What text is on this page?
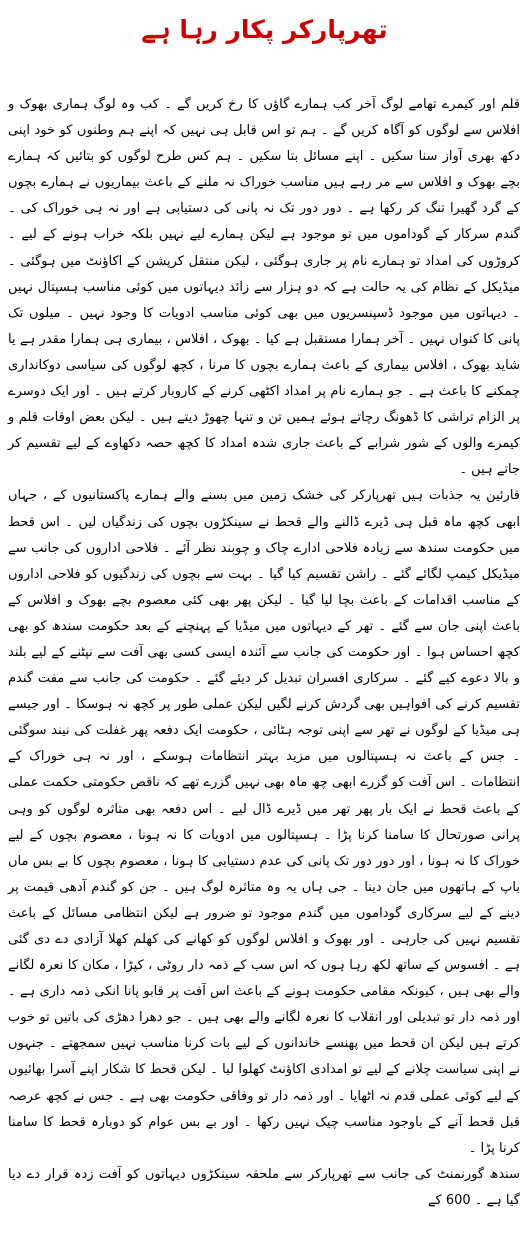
تھرپارکر پکار رہا ہے

قلم اور کیمرے تھامے لوگ آخر کب ہمارے گاؤں کا رخ کریں گے ۔ کب وہ لوگ ہماری بھوک و افلاس سے لوگوں کو آگاہ کریں گے ۔ ہم تو اس قابل ہی نہیں کہ اپنے ہم وطنوں کو خود اپنی دکھ بھری آواز سنا سکیں ۔ اپنے مسائل بتا سکیں ۔ ہم کس طرح لوگوں کو بتائیں کہ ہمارے بچے بھوک و افلاس سے مر رہے ہیں مناسب خوراک نہ ملنے کے باعث بیماریوں نے ہمارے بچوں کے گرد گھیرا تنگ کر رکھا ہے ۔ دور دور تک نہ پانی کی دستیابی ہے اور نہ ہی خوراک کی ۔ گندم سرکار کے گوداموں میں تو موجود ہے لیکن ہمارے لیے نہیں بلکہ خراب ہونے کے لیے ۔ کروڑوں کی امداد تو ہمارے نام پر جاری ہوگئی ، لیکن منتقل کرپشن کے اکاؤنٹ میں ہوگئی ۔ میڈیکل کے نظام کی یہ حالت ہے کہ دو ہزار سے زائد دیہاتوں میں کوئی مناسب ہسپتال نہیں ۔ دیہاتوں میں موجود ڈسپنسریوں میں بھی کوئی مناسب ادویات کا وجود نہیں ۔ میلوں تک پانی کا کنواں نہیں ۔ آخر ہمارا مستقبل ہے کیا ۔ بھوک ، افلاس ، بیماری ہی ہمارا مقدر ہے یا شاید بھوک ، افلاس بیماری کے باعث ہمارے بچوں کا مرنا ، کچھ لوگوں کی سیاسی دوکانداری چمکنے کا باعث ہے ۔ جو ہمارے نام پر امداد اکٹھی کرنے کے کاروبار کرتے ہیں ۔ اور ایک دوسرے پر الزام تراشی کا ڈھونگ رچاتے ہوئے ہمیں تن و تنہا چھوڑ دیتے ہیں ۔ لیکن بعض اوقات قلم و کیمرے والوں کے شور شرابے کے باعث جاری شدہ امداد کا کچھ حصہ دکھاوے کے لیے تقسیم کر جاتے ہیں ۔

قارئین یہ جذبات ہیں تھرپارکر کی خشک زمین میں بسنے والے ہمارے پاکستانیوں کے ، جہاں ابھی کچھ ماہ قبل ہی ڈیرے ڈالنے والے قحط نے سینکڑوں بچوں کی زندگیاں لیں ۔ اس قحط میں حکومت سندھ سے زیادہ فلاحی ادارے چاک و چوبند نظر آئے ۔ فلاحی اداروں کی جانب سے میڈیکل کیمپ لگائے گئے ۔ راشن تقسیم کیا گیا ۔ بہت سے بچوں کی زندگیوں کو فلاحی اداروں کے مناسب اقدامات کے باعث بچا لیا گیا ۔ لیکن پھر بھی کئی معصوم بچے بھوک و افلاس کے باعث اپنی جان سے گئے ۔ تھر کے دیہاتوں میں میڈیا کے پہنچنے کے بعد حکومت سندھ کو بھی کچھ احساس ہوا ۔ اور حکومت کی جانب سے آئندہ ایسی کسی بھی آفت سے نپٹنے کے لیے بلند و بالا دعوے کیے گئے ۔ سرکاری افسران تبدیل کر دیئے گئے ۔ حکومت کی جانب سے مفت گندم تقسیم کرنے کی افواہیں بھی گردش کرنے لگیں لیکن عملی طور پر کچھ نہ ہوسکا ۔ اور جیسے ہی میڈیا کے لوگوں نے تھر سے اپنی توجہ ہٹائی ، حکومت ایک دفعہ پھر غفلت کی نیند سوگئی ۔ جس کے باعث نہ ہسپتالوں میں مزید بہتر انتظامات ہوسکے ، اور نہ ہی خوراک کے انتظامات ۔ اس آفت کو گزرے ابھی چھ ماہ بھی نہیں گزرے تھے کہ ناقص حکومتی حکمت عملی کے باعث قحط نے ایک بار پھر تھر میں ڈیرے ڈال لیے ۔ اس دفعہ بھی متاثرہ لوگوں کو وہی پرانی صورتحال کا سامنا کرنا پڑا ۔ ہسپتالوں میں ادویات کا نہ ہونا ، معصوم بچوں کے لیے خوراک کا نہ ہونا ، اور دور دور تک پانی کی عدم دستیابی کا ہونا ، معصوم بچوں کا بے بس ماں باپ کے ہاتھوں میں جان دینا ۔ جی ہاں یہ وہ متاثرہ لوگ ہیں ۔ جن کو گندم آدھی قیمت پر دینے کے لیے سرکاری گوداموں میں گندم موجود تو ضرور ہے لیکن انتظامی مسائل کے باعث تقسیم نہیں کی جارہی ۔ اور بھوک و افلاس لوگوں کو کھانے کی کھلم کھلا آزادی دے دی گئی ہے ۔ افسوس کے ساتھ لکھ رہا ہوں کہ اس سب کے ذمہ دار روٹی ، کپڑا ، مکان کا نعرہ لگانے والے بھی ہیں ، کیونکہ مقامی حکومت ہونے کے باعث اس آفت پر قابو پانا انکی ذمہ داری ہے ۔ اور ذمہ دار تو تبدیلی اور انقلاب کا نعرہ لگانے والے بھی ہیں ۔ جو دھرا دھڑی کی باتیں تو خوب کرتے ہیں لیکن ان قحط میں پھنسے خاندانوں کے لیے بات کرنا مناسب نہیں سمجھتے ۔ جنہوں نے اپنی سیاست چلانے کے لیے تو امدادی اکاؤنٹ کھلوا لیا ۔ لیکن قحط کا شکار اپنے آسرا بھائیوں کے لیے کوئی عملی قدم نہ اٹھایا ۔ اور ذمہ دار تو وفاقی حکومت بھی ہے ۔ جس نے کچھ عرصہ قبل قحط آنے کے باوجود مناسب چیک نہیں رکھا ۔ اور بے بس عوام کو دوبارہ قحط کا سامنا کرنا پڑا ۔

سندھ گورنمنٹ کی جانب سے تھرپارکر سے ملحقہ سینکڑوں دیہاتوں کو آفت زدہ قرار دے دیا گیا ہے ۔ 600 کے
